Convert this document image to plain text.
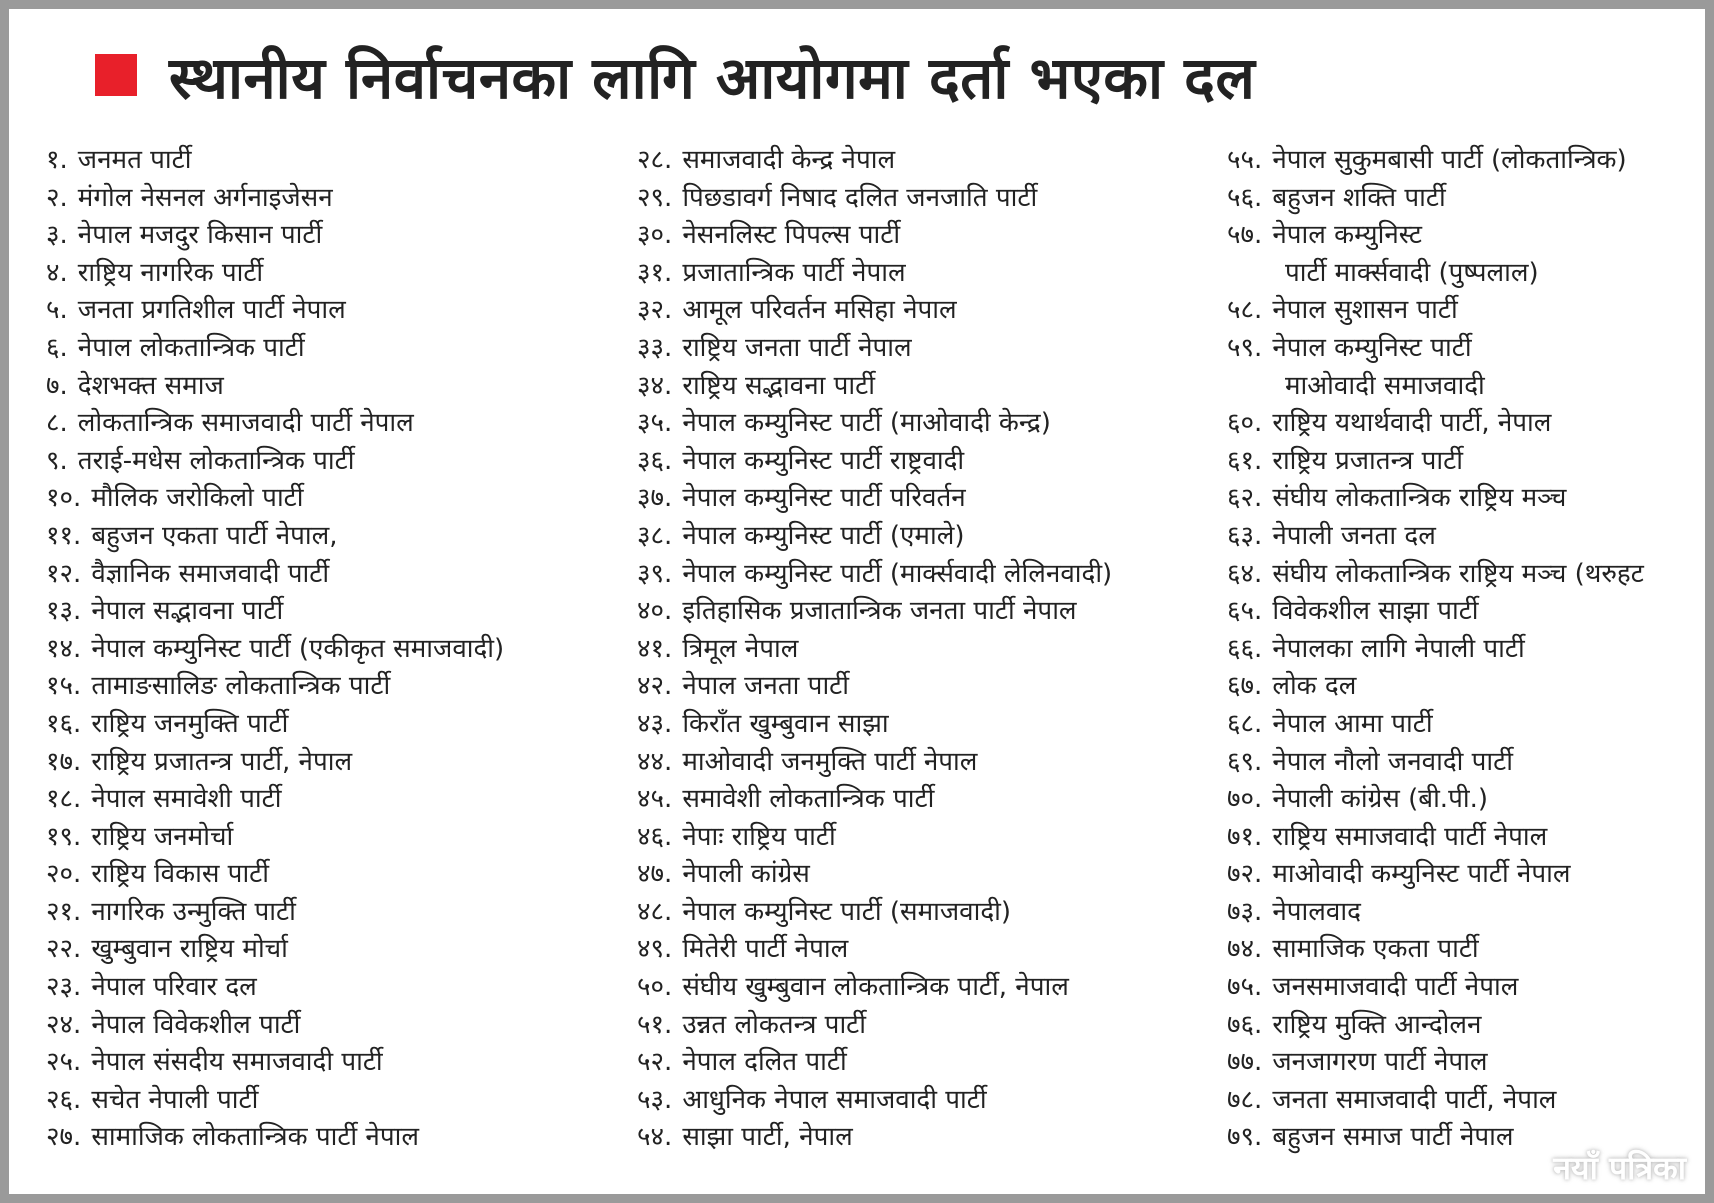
स्थानीय निर्वाचनका लागि आयोगमा दर्ता भएका दल
१. जनमत पार्टी
२. मंगोल नेसनल अर्गनाइजेसन
३. नेपाल मजदुर किसान पार्टी
४. राष्ट्रिय नागरिक पार्टी
५. जनता प्रगतिशील पार्टी नेपाल
६. नेपाल लोकतान्त्रिक पार्टी
७. देशभक्त समाज
८. लोकतान्त्रिक समाजवादी पार्टी नेपाल
९. तराई-मधेस लोकतान्त्रिक पार्टी
१०. मौलिक जरोकिलो पार्टी
११. बहुजन एकता पार्टी नेपाल,
१२. वैज्ञानिक समाजवादी पार्टी
१३. नेपाल सद्भावना पार्टी
१४. नेपाल कम्युनिस्ट पार्टी (एकीकृत समाजवादी)
१५. तामाङसालिङ लोकतान्त्रिक पार्टी
१६. राष्ट्रिय जनमुक्ति पार्टी
१७. राष्ट्रिय प्रजातन्त्र पार्टी, नेपाल
१८. नेपाल समावेशी पार्टी
१९. राष्ट्रिय जनमोर्चा
२०. राष्ट्रिय विकास पार्टी
२१. नागरिक उन्मुक्ति पार्टी
२२. खुम्बुवान राष्ट्रिय मोर्चा
२३. नेपाल परिवार दल
२४. नेपाल विवेकशील पार्टी
२५. नेपाल संसदीय समाजवादी पार्टी
२६. सचेत नेपाली पार्टी
२७. सामाजिक लोकतान्त्रिक पार्टी नेपाल
२८. समाजवादी केन्द्र नेपाल
२९. पिछडावर्ग निषाद दलित जनजाति पार्टी
३०. नेसनलिस्ट पिपल्स पार्टी
३१. प्रजातान्त्रिक पार्टी नेपाल
३२. आमूल परिवर्तन मसिहा नेपाल
३३. राष्ट्रिय जनता पार्टी नेपाल
३४. राष्ट्रिय सद्भावना पार्टी
३५. नेपाल कम्युनिस्ट पार्टी (माओवादी केन्द्र)
३६. नेपाल कम्युनिस्ट पार्टी राष्ट्रवादी
३७. नेपाल कम्युनिस्ट पार्टी परिवर्तन
३८. नेपाल कम्युनिस्ट पार्टी (एमाले)
३९. नेपाल कम्युनिस्ट पार्टी (मार्क्सवादी लेलिनवादी)
४०. इतिहासिक प्रजातान्त्रिक जनता पार्टी नेपाल
४१. त्रिमूल नेपाल
४२. नेपाल जनता पार्टी
४३. किराँत खुम्बुवान साझा
४४. माओवादी जनमुक्ति पार्टी नेपाल
४५. समावेशी लोकतान्त्रिक पार्टी
४६. नेपाः राष्ट्रिय पार्टी
४७. नेपाली कांग्रेस
४८. नेपाल कम्युनिस्ट पार्टी (समाजवादी)
४९. मितेरी पार्टी नेपाल
५०. संघीय खुम्बुवान लोकतान्त्रिक पार्टी, नेपाल
५१. उन्नत लोकतन्त्र पार्टी
५२. नेपाल दलित पार्टी
५३. आधुनिक नेपाल समाजवादी पार्टी
५४. साझा पार्टी, नेपाल
५५. नेपाल सुकुमबासी पार्टी (लोकतान्त्रिक)
५६. बहुजन शक्ति पार्टी
५७. नेपाल कम्युनिस्ट
पार्टी मार्क्सवादी (पुष्पलाल)
५८. नेपाल सुशासन पार्टी
५९. नेपाल कम्युनिस्ट पार्टी
माओवादी समाजवादी
६०. राष्ट्रिय यथार्थवादी पार्टी, नेपाल
६१. राष्ट्रिय प्रजातन्त्र पार्टी
६२. संघीय लोकतान्त्रिक राष्ट्रिय मञ्च
६३. नेपाली जनता दल
६४. संघीय लोकतान्त्रिक राष्ट्रिय मञ्च (थरुहट
६५. विवेकशील साझा पार्टी
६६. नेपालका लागि नेपाली पार्टी
६७. लोक दल
६८. नेपाल आमा पार्टी
६९. नेपाल नौलो जनवादी पार्टी
७०. नेपाली कांग्रेस (बी.पी.)
७१. राष्ट्रिय समाजवादी पार्टी नेपाल
७२. माओवादी कम्युनिस्ट पार्टी नेपाल
७३. नेपालवाद
७४. सामाजिक एकता पार्टी
७५. जनसमाजवादी पार्टी नेपाल
७६. राष्ट्रिय मुक्ति आन्दोलन
७७. जनजागरण पार्टी नेपाल
७८. जनता समाजवादी पार्टी, नेपाल
७९. बहुजन समाज पार्टी नेपाल
नयाँ पत्रिका
